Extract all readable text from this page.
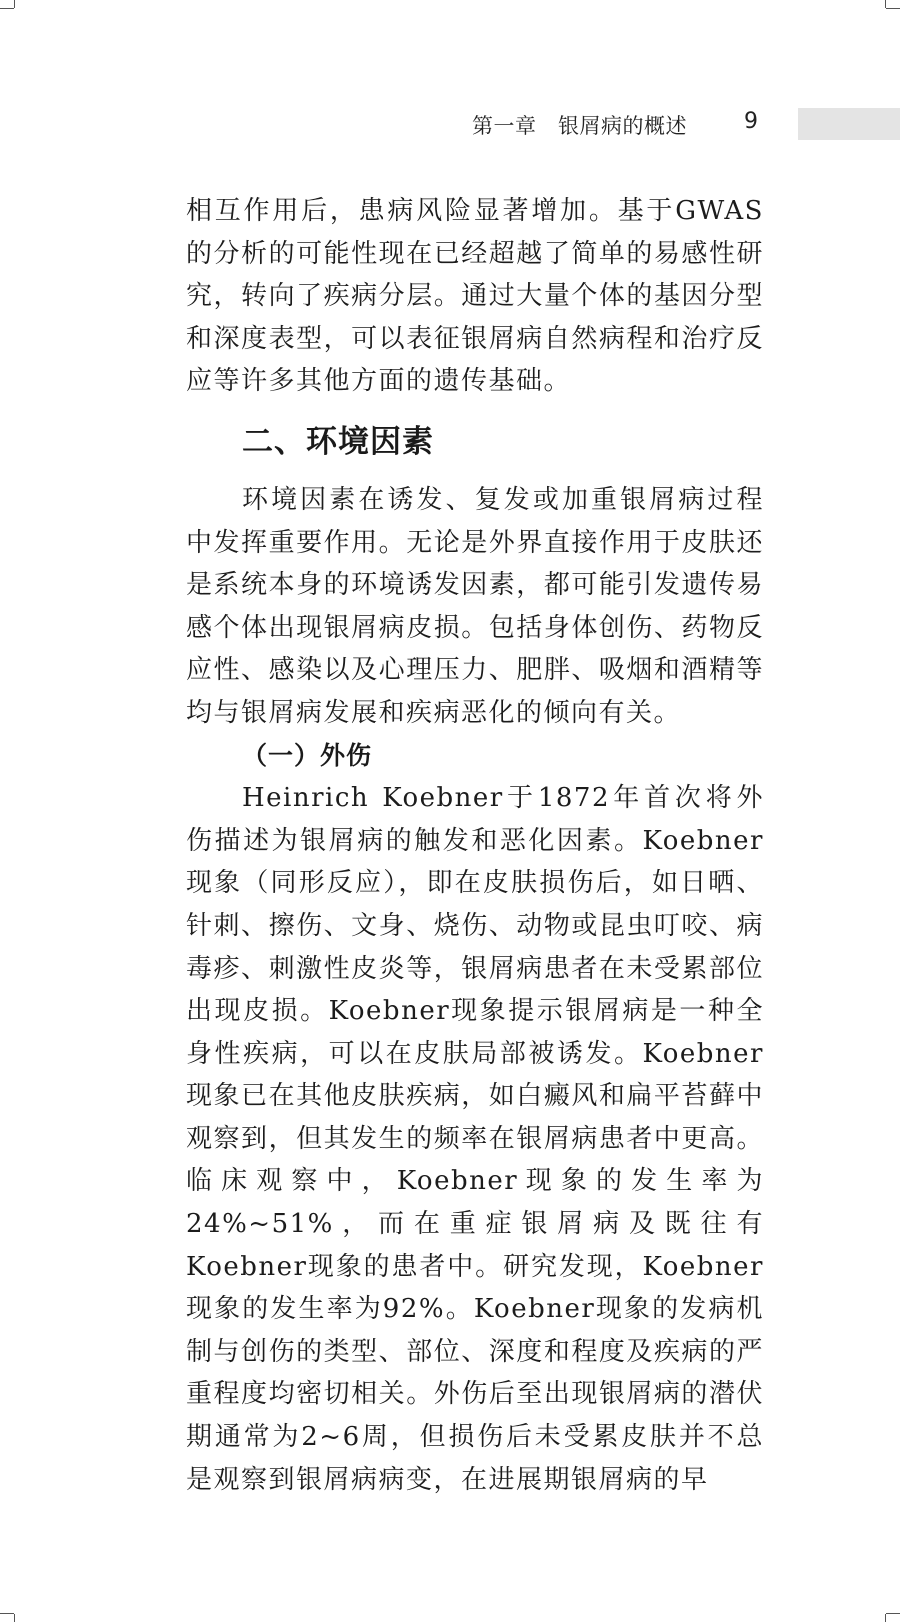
第一章　银屑病的概述	9

相互作用后，患病风险显著增加。基于GWAS的分析的可能性现在已经超越了简单的易感性研究，转向了疾病分层。通过大量个体的基因分型和深度表型，可以表征银屑病自然病程和治疗反应等许多其他方面的遗传基础。

二、环境因素

环境因素在诱发、复发或加重银屑病过程中发挥重要作用。无论是外界直接作用于皮肤还是系统本身的环境诱发因素，都可能引发遗传易感个体出现银屑病皮损。包括身体创伤、药物反应性、感染以及心理压力、肥胖、吸烟和酒精等均与银屑病发展和疾病恶化的倾向有关。

（一）外伤

Heinrich Koebner于1872年首次将外伤描述为银屑病的触发和恶化因素。Koebner现象（同形反应），即在皮肤损伤后，如日晒、针刺、擦伤、文身、烧伤、动物或昆虫叮咬、病毒疹、刺激性皮炎等，银屑病患者在未受累部位出现皮损。Koebner现象提示银屑病是一种全身性疾病，可以在皮肤局部被诱发。Koebner现象已在其他皮肤疾病，如白癜风和扁平苔藓中观察到，但其发生的频率在银屑病患者中更高。临床观察中，Koebner现象的发生率为24%~51%，而在重症银屑病及既往有Koebner现象的患者中。研究发现，Koebner现象的发生率为92%。Koebner现象的发病机制与创伤的类型、部位、深度和程度及疾病的严重程度均密切相关。外伤后至出现银屑病的潜伏期通常为2~6周，但损伤后未受累皮肤并不总是观察到银屑病病变，在进展期银屑病的早
